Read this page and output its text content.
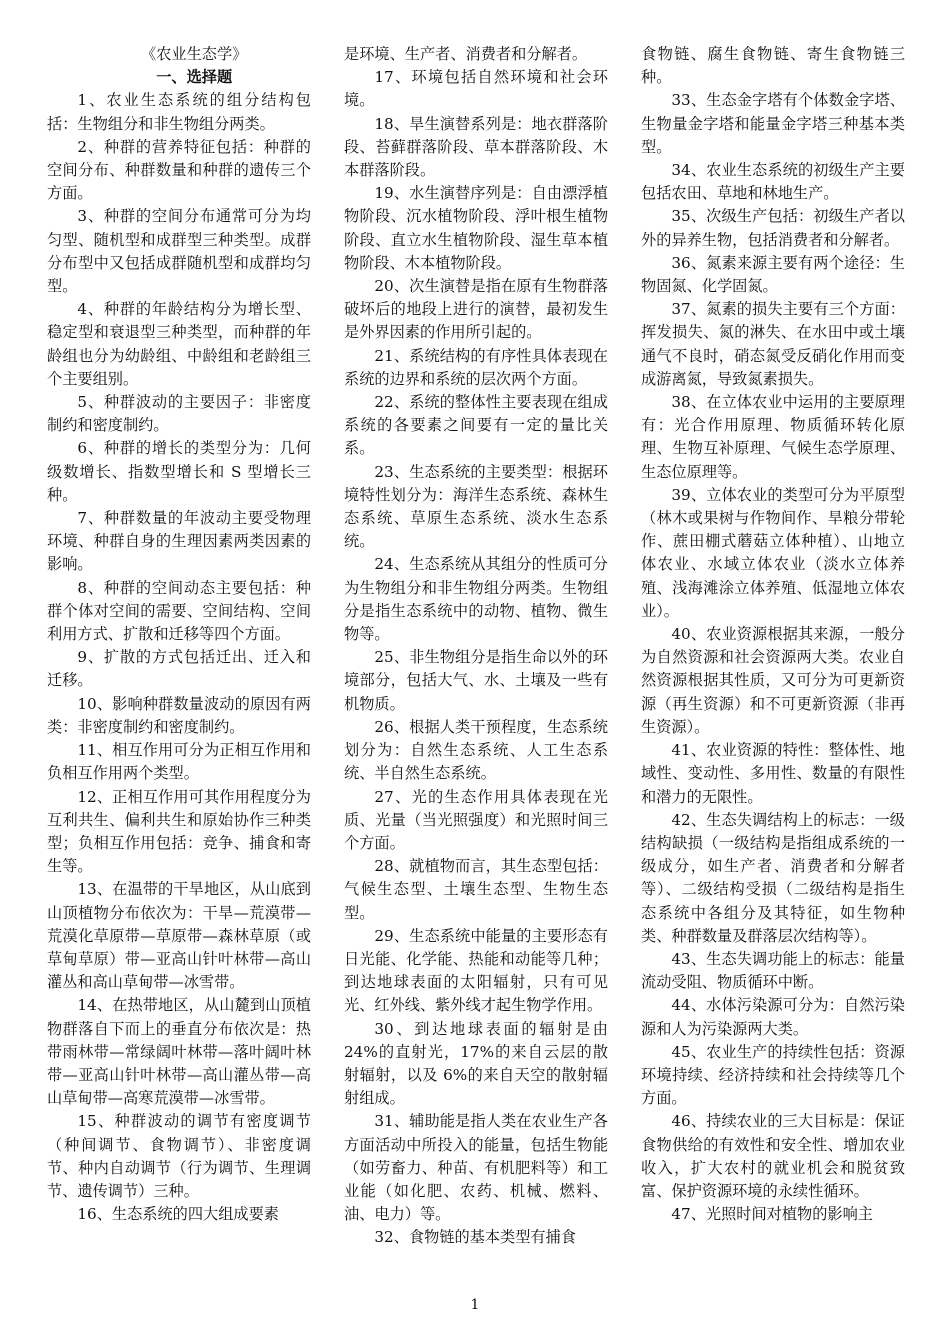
《农业生态学》

一、选择题

1、农业生态系统的组分结构包括：生物组分和非生物组分两类。

2、种群的营养特征包括：种群的空间分布、种群数量和种群的遗传三个方面。

3、种群的空间分布通常可分为均匀型、随机型和成群型三种类型。成群分布型中又包括成群随机型和成群均匀型。

4、种群的年龄结构分为增长型、稳定型和衰退型三种类型，而种群的年龄组也分为幼龄组、中龄组和老龄组三个主要组别。

5、种群波动的主要因子：非密度制约和密度制约。

6、种群的增长的类型分为：几何级数增长、指数型增长和 S 型增长三种。

7、种群数量的年波动主要受物理环境、种群自身的生理因素两类因素的影响。

8、种群的空间动态主要包括：种群个体对空间的需要、空间结构、空间利用方式、扩散和迁移等四个方面。

9、扩散的方式包括迁出、迁入和迁移。

10、影响种群数量波动的原因有两类：非密度制约和密度制约。

11、相互作用可分为正相互作用和负相互作用两个类型。

12、正相互作用可其作用程度分为互利共生、偏利共生和原始协作三种类型；负相互作用包括：竞争、捕食和寄生等。

13、在温带的干旱地区，从山底到山顶植物分布依次为：干旱—荒漠带—荒漠化草原带—草原带—森林草原（或草甸草原）带—亚高山针叶林带—高山灌丛和高山草甸带—冰雪带。

14、在热带地区，从山麓到山顶植物群落自下而上的垂直分布依次是：热带雨林带—常绿阔叶林带—落叶阔叶林带—亚高山针叶林带—高山灌丛带—高山草甸带—高寒荒漠带—冰雪带。

15、种群波动的调节有密度调节（种间调节、食物调节）、非密度调节、种内自动调节（行为调节、生理调节、遗传调节）三种。

16、生态系统的四大组成要素

是环境、生产者、消费者和分解者。

17、环境包括自然环境和社会环境。

18、旱生演替系列是：地衣群落阶段、苔藓群落阶段、草本群落阶段、木本群落阶段。

19、水生演替序列是：自由漂浮植物阶段、沉水植物阶段、浮叶根生植物阶段、直立水生植物阶段、湿生草本植物阶段、木本植物阶段。

20、次生演替是指在原有生物群落破坏后的地段上进行的演替，最初发生是外界因素的作用所引起的。

21、系统结构的有序性具体表现在系统的边界和系统的层次两个方面。

22、系统的整体性主要表现在组成系统的各要素之间要有一定的量比关系。

23、生态系统的主要类型：根据环境特性划分为：海洋生态系统、森林生态系统、草原生态系统、淡水生态系统。

24、生态系统从其组分的性质可分为生物组分和非生物组分两类。生物组分是指生态系统中的动物、植物、微生物等。

25、非生物组分是指生命以外的环境部分，包括大气、水、土壤及一些有机物质。

26、根据人类干预程度，生态系统划分为：自然生态系统、人工生态系统、半自然生态系统。

27、光的生态作用具体表现在光质、光量（当光照强度）和光照时间三个方面。

28、就植物而言，其生态型包括：气候生态型、土壤生态型、生物生态型。

29、生态系统中能量的主要形态有日光能、化学能、热能和动能等几种；到达地球表面的太阳辐射，只有可见光、红外线、紫外线才起生物学作用。

30、到达地球表面的辐射是由 24%的直射光，17%的来自云层的散射辐射，以及 6%的来自天空的散射辐射组成。

31、辅助能是指人类在农业生产各方面活动中所投入的能量，包括生物能（如劳畜力、种苗、有机肥料等）和工业能（如化肥、农药、机械、燃料、油、电力）等。

32、食物链的基本类型有捕食

食物链、腐生食物链、寄生食物链三种。

33、生态金字塔有个体数金字塔、生物量金字塔和能量金字塔三种基本类型。

34、农业生态系统的初级生产主要包括农田、草地和林地生产。

35、次级生产包括：初级生产者以外的异养生物，包括消费者和分解者。

36、氮素来源主要有两个途径：生物固氮、化学固氮。

37、氮素的损失主要有三个方面：挥发损失、氮的淋失、在水田中或土壤通气不良时，硝态氮受反硝化作用而变成游离氮，导致氮素损失。

38、在立体农业中运用的主要原理有：光合作用原理、物质循环转化原理、生物互补原理、气候生态学原理、生态位原理等。

39、立体农业的类型可分为平原型（林木或果树与作物间作、旱粮分带轮作、蔗田棚式蘑菇立体种植）、山地立体农业、水域立体农业（淡水立体养殖、浅海滩涂立体养殖、低湿地立体农业）。

40、农业资源根据其来源，一般分为自然资源和社会资源两大类。农业自然资源根据其性质，又可分为可更新资源（再生资源）和不可更新资源（非再生资源）。

41、农业资源的特性：整体性、地域性、变动性、多用性、数量的有限性和潜力的无限性。

42、生态失调结构上的标志：一级结构缺损（一级结构是指组成系统的一级成分，如生产者、消费者和分解者等）、二级结构受损（二级结构是指生态系统中各组分及其特征，如生物种类、种群数量及群落层次结构等）。

43、生态失调功能上的标志：能量流动受阻、物质循环中断。

44、水体污染源可分为：自然污染源和人为污染源两大类。

45、农业生产的持续性包括：资源环境持续、经济持续和社会持续等几个方面。

46、持续农业的三大目标是：保证食物供给的有效性和安全性、增加农业收入，扩大农村的就业机会和脱贫致富、保护资源环境的永续性循环。

47、光照时间对植物的影响主

1
